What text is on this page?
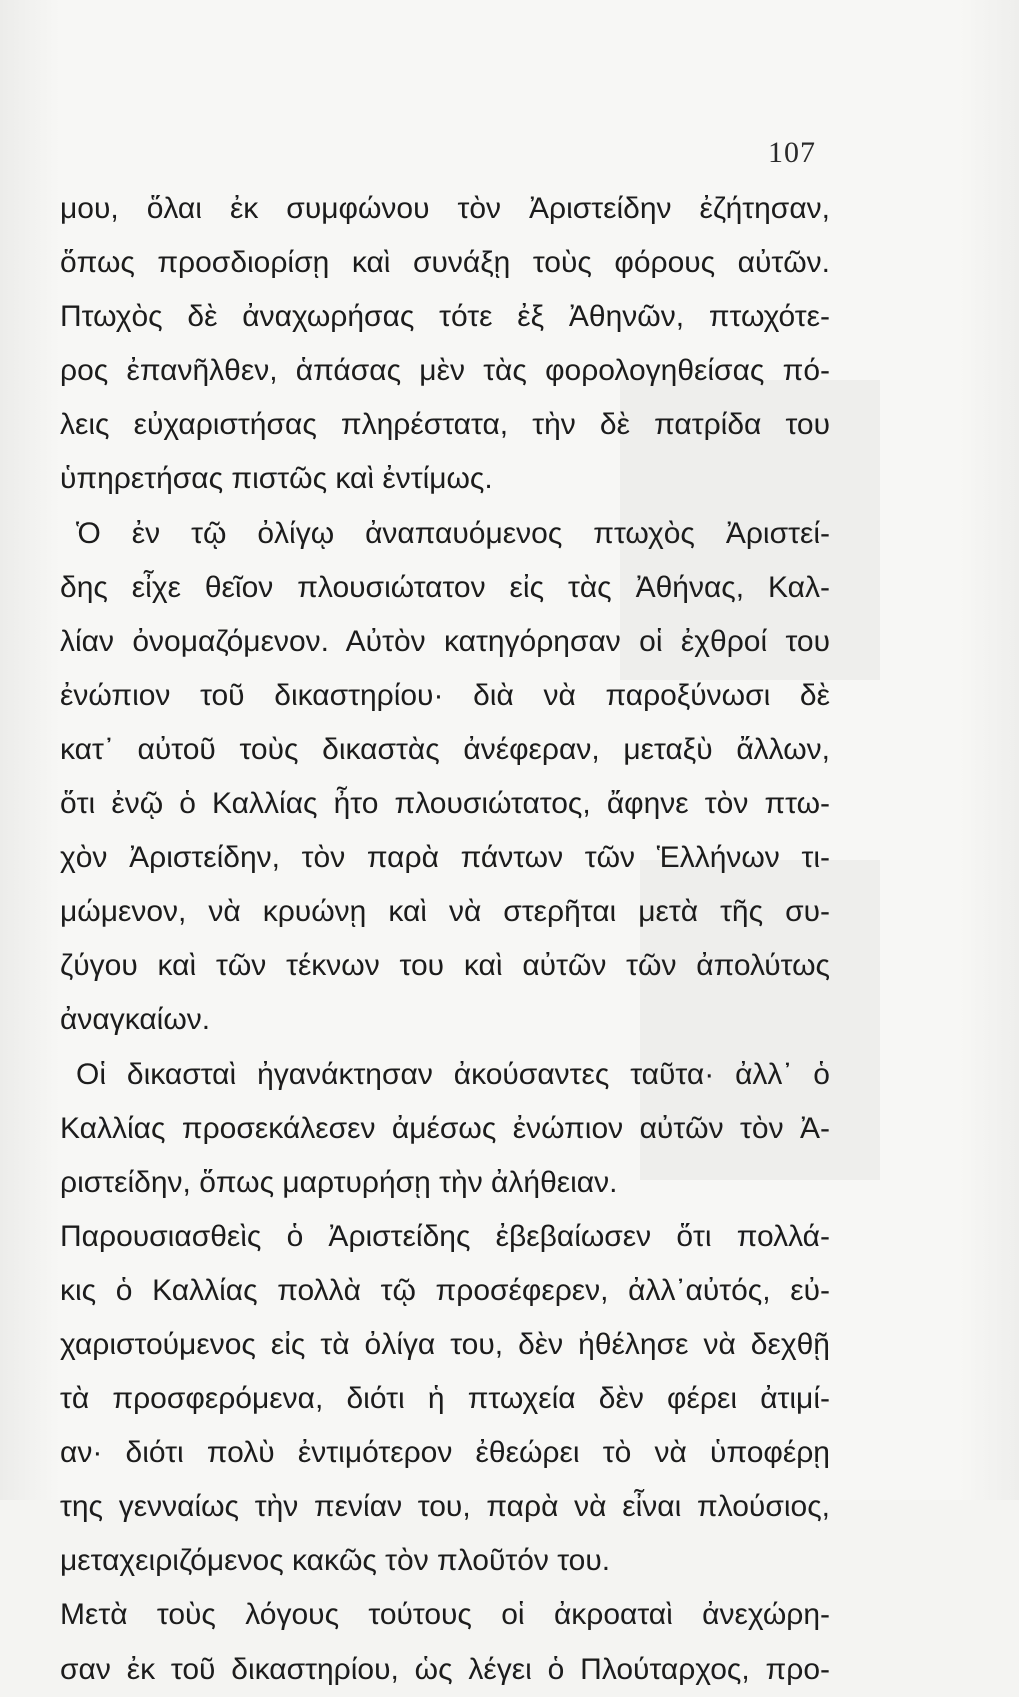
107
μου, ὅλαι ἐκ συμφώνου τὸν Ἀριστείδην ἐζήτησαν,
ὅπως προσδιορίσῃ καὶ συνάξῃ τοὺς φόρους αὐτῶν.
Πτωχὸς δὲ ἀναχωρήσας τότε ἐξ Ἀθηνῶν, πτωχότε-
ρος ἐπανῆλθεν, ἁπάσας μὲν τὰς φορολογηθείσας πό-
λεις εὐχαριστήσας πληρέστατα, τὴν δὲ πατρίδα του
ὑπηρετήσας πιστῶς καὶ ἐντίμως.
Ὁ ἐν τῷ ὀλίγῳ ἀναπαυόμενος πτωχὸς Ἀριστεί-
δης εἶχε θεῖον πλουσιώτατον εἰς τὰς Ἀθήνας, Καλ-
λίαν ὀνομαζόμενον. Αὐτὸν κατηγόρησαν οἱ ἐχθροί του
ἐνώπιον τοῦ δικαστηρίου· διὰ νὰ παροξύνωσι δὲ
κατ᾽ αὐτοῦ τοὺς δικαστὰς ἀνέφεραν, μεταξὺ ἄλλων,
ὅτι ἐνῷ ὁ Καλλίας ἦτο πλουσιώτατος, ἄφηνε τὸν πτω-
χὸν Ἀριστείδην, τὸν παρὰ πάντων τῶν Ἑλλήνων τι-
μώμενον, νὰ κρυώνῃ καὶ νὰ στερῆται μετὰ τῆς συ-
ζύγου καὶ τῶν τέκνων του καὶ αὐτῶν τῶν ἀπολύτως
ἀναγκαίων.
Οἱ δικασταὶ ἠγανάκτησαν ἀκούσαντες ταῦτα· ἀλλ᾽ ὁ
Καλλίας προσεκάλεσεν ἀμέσως ἐνώπιον αὐτῶν τὸν Ἀ-
ριστείδην, ὅπως μαρτυρήσῃ τὴν ἀλήθειαν.
Παρουσιασθεὶς ὁ Ἀριστείδης ἐβεβαίωσεν ὅτι πολλά-
κις ὁ Καλλίας πολλὰ τῷ προσέφερεν, ἀλλ᾽αὐτός, εὐ-
χαριστούμενος εἰς τὰ ὀλίγα του, δὲν ἠθέλησε νὰ δεχθῇ
τὰ προσφερόμενα, διότι ἡ πτωχεία δὲν φέρει ἀτιμί-
αν· διότι πολὺ ἐντιμότερον ἐθεώρει τὸ νὰ ὑποφέρῃ
της γενναίως τὴν πενίαν του, παρὰ νὰ εἶναι πλούσιος,
μεταχειριζόμενος κακῶς τὸν πλοῦτόν του.
Μετὰ τοὺς λόγους τούτους οἱ ἀκροαταὶ ἀνεχώρη-
σαν ἐκ τοῦ δικαστηρίου, ὡς λέγει ὁ Πλούταρχος, προ-
